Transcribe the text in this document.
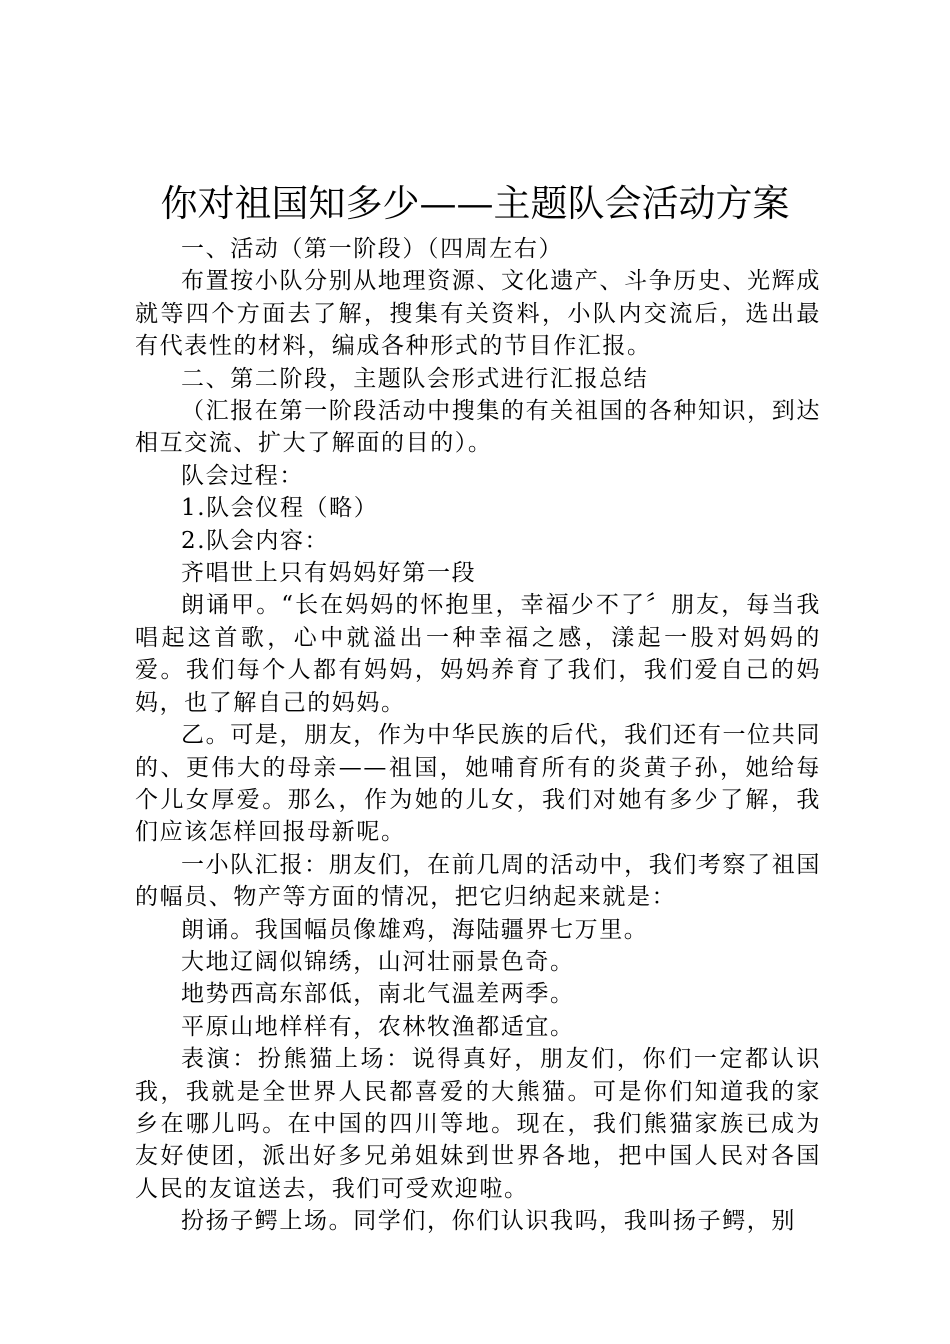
你对祖国知多少——主题队会活动方案

一、活动（第一阶段）（四周左右）

布置按小队分别从地理资源、文化遗产、斗争历史、光辉成就等四个方面去了解，搜集有关资料，小队内交流后，选出最有代表性的材料，编成各种形式的节目作汇报。

二、第二阶段，主题队会形式进行汇报总结

（汇报在第一阶段活动中搜集的有关祖国的各种知识，到达相互交流、扩大了解面的目的）。

队会过程：

1.队会仪程（略）

2.队会内容：

齐唱世上只有妈妈好第一段

朗诵甲。“长在妈妈的怀抱里，幸福少不了〞朋友，每当我唱起这首歌，心中就溢出一种幸福之感，漾起一股对妈妈的爱。我们每个人都有妈妈，妈妈养育了我们，我们爱自己的妈妈，也了解自己的妈妈。

乙。可是，朋友，作为中华民族的后代，我们还有一位共同的、更伟大的母亲——祖国，她哺育所有的炎黄子孙，她给每个儿女厚爱。那么，作为她的儿女，我们对她有多少了解，我们应该怎样回报母新呢。

一小队汇报：朋友们，在前几周的活动中，我们考察了祖国的幅员、物产等方面的情况，把它归纳起来就是：

朗诵。我国幅员像雄鸡，海陆疆界七万里。

大地辽阔似锦绣，山河壮丽景色奇。

地势西高东部低，南北气温差两季。

平原山地样样有，农林牧渔都适宜。

表演：扮熊猫上场：说得真好，朋友们，你们一定都认识我，我就是全世界人民都喜爱的大熊猫。可是你们知道我的家乡在哪儿吗。在中国的四川等地。现在，我们熊猫家族已成为友好使团，派出好多兄弟姐妹到世界各地，把中国人民对各国人民的友谊送去，我们可受欢迎啦。

扮扬子鳄上场。同学们，你们认识我吗，我叫扬子鳄，别
